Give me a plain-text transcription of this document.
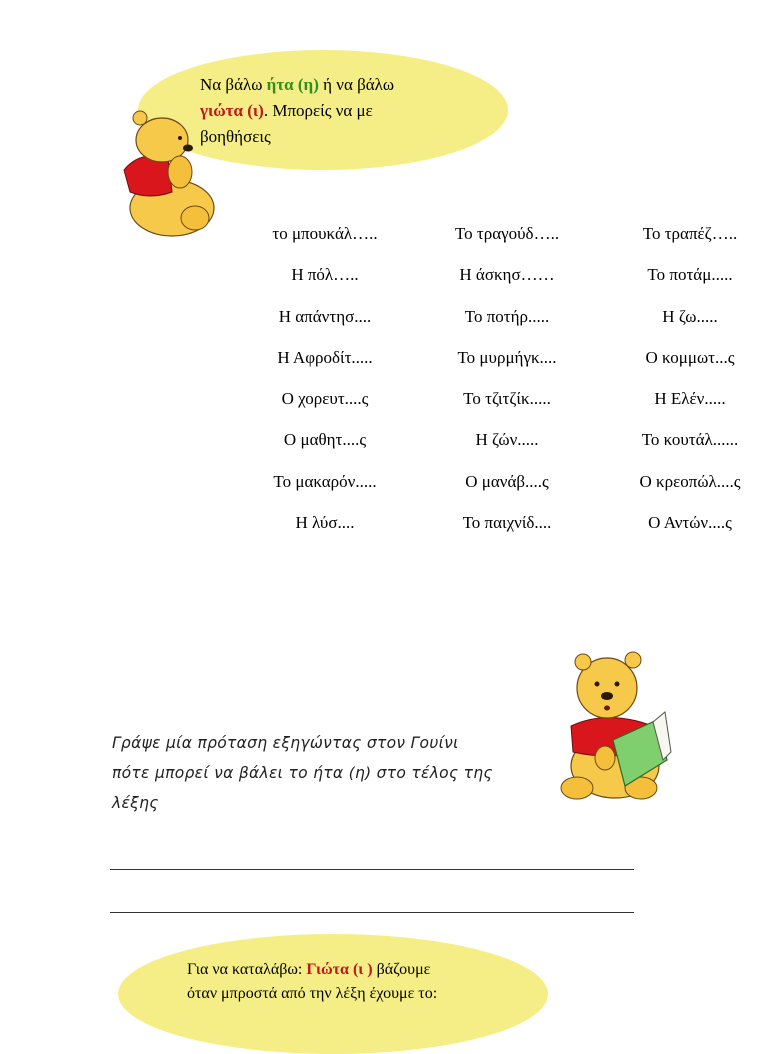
Να βάλω ήτα (η) ή να βάλω
γιώτα (ι). Μπορείς να με
βοηθήσεις
το μπουκάλ…..
Η πόλ…..
Η απάντησ....
Η Αφροδίτ.....
Ο χορευτ....ς
Ο μαθητ....ς
Το μακαρόν.....
Η λύσ....
Το τραγούδ…..
Η άσκησ……
Το ποτήρ.....
Το μυρμήγκ....
Το τζιτζίκ.....
Η ζών.....
Ο μανάβ....ς
Το παιχνίδ....
Το τραπέζ…..
Το ποτάμ.....
Η ζω.....
Ο κομμωτ...ς
Η Ελέν.....
Το κουτάλ......
Ο κρεοπώλ....ς
Ο Αντών....ς
Γράψε μία πρόταση εξηγώντας στον Γουίνι
πότε μπορεί να βάλει το ήτα (η) στο τέλος της
λέξης
Για να καταλάβω: Γιώτα (ι ) βάζουμε
όταν μπροστά από την λέξη έχουμε το:
